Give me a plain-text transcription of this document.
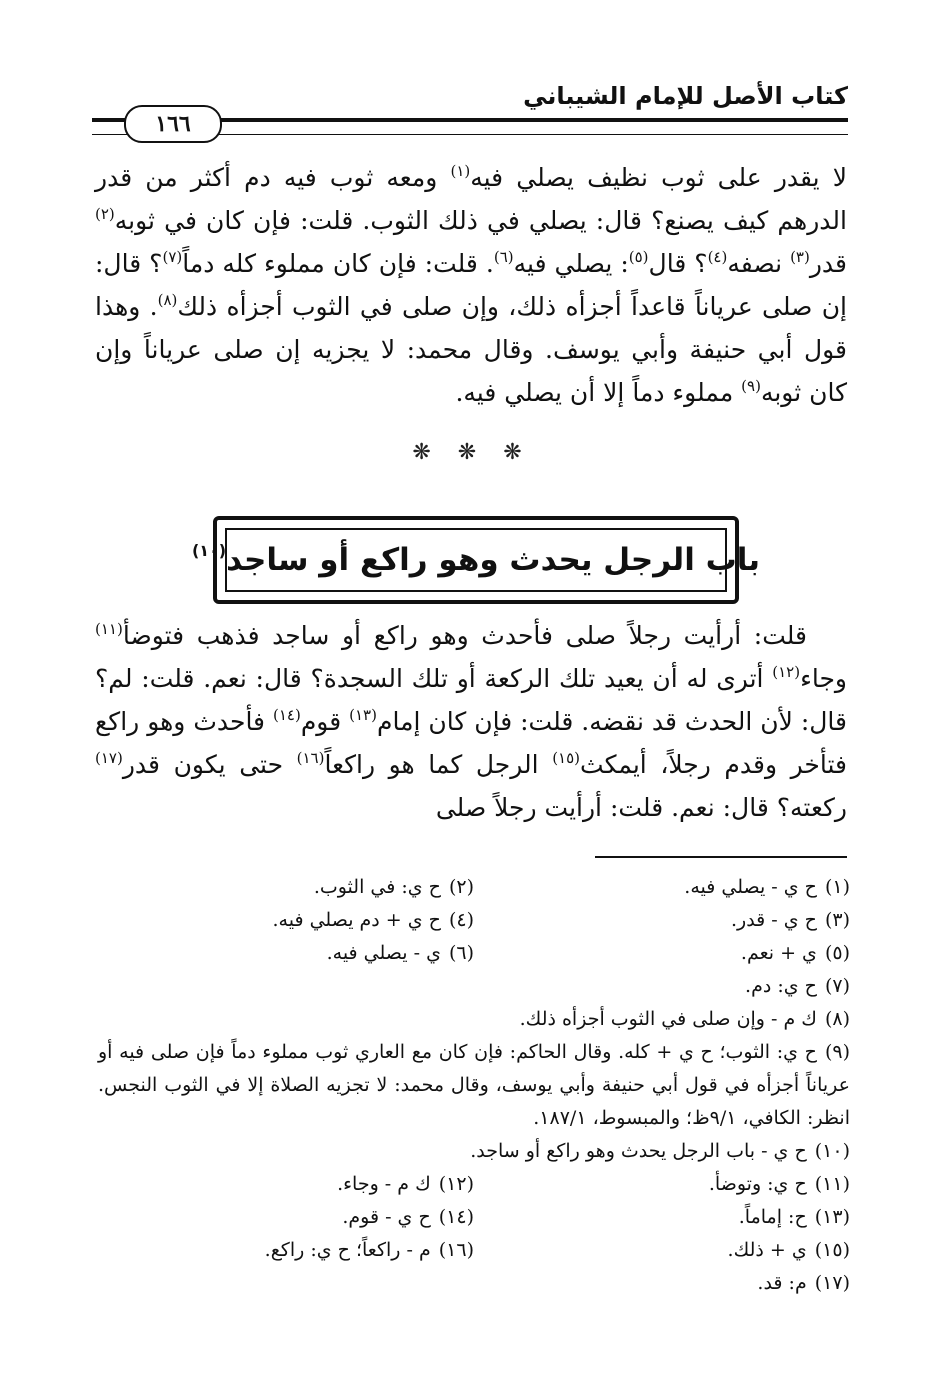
كتاب الأصل للإمام الشيباني
١٦٦
لا يقدر على ثوب نظيف يصلي فيه$^{(١)}$ ومعه ثوب فيه دم أكثر من قدر الدرهم كيف يصنع؟ قال: يصلي في ذلك الثوب. قلت: فإن كان في ثوبه$^{(٢)}$ قدر$^{(٣)}$ نصفه$^{(٤)}$؟ قال$^{(٥)}$: يصلي فيه$^{(٦)}$. قلت: فإن كان مملوء كله دماً$^{(٧)}$؟ قال: إن صلى عرياناً قاعداً أجزأه ذلك، وإن صلى في الثوب أجزأه ذلك$^{(٨)}$. وهذا قول أبي حنيفة وأبي يوسف. وقال محمد: لا يجزيه إن صلى عرياناً وإن كان ثوبه$^{(٩)}$ مملوء دماً إلا أن يصلي فيه.
❋ ❋ ❋
باب الرجل يحدث وهو راكع أو ساجد$^{(١٠)}$
قلت: أرأيت رجلاً صلى فأحدث وهو راكع أو ساجد فذهب فتوضأ$^{(١١)}$ وجاء$^{(١٢)}$ أترى له أن يعيد تلك الركعة أو تلك السجدة؟ قال: نعم. قلت: لم؟ قال: لأن الحدث قد نقضه. قلت: فإن كان إمام$^{(١٣)}$ قوم$^{(١٤)}$ فأحدث وهو راكع فتأخر وقدم رجلاً، أيمكث$^{(١٥)}$ الرجل كما هو راكعاً$^{(١٦)}$ حتى يكون قدر$^{(١٧)}$ ركعته؟ قال: نعم. قلت: أرأيت رجلاً صلى
(١)ح ي - يصلي فيه.
(٢)ح ي: في الثوب.
(٣)ح ي - قدر.
(٤)ح ي + دم يصلي فيه.
(٥)ي + نعم.
(٦)ي - يصلي فيه.
(٧)ح ي: دم.
(٨)ك م - وإن صلى في الثوب أجزأه ذلك.
(٩)ح ي: الثوب؛ ح ي + كله. وقال الحاكم: فإن كان مع العاري ثوب مملوء دماً فإن صلى فيه أو عرياناً أجزأه في قول أبي حنيفة وأبي يوسف، وقال محمد: لا تجزيه الصلاة إلا في الثوب النجس. انظر: الكافي، ٩/١ظ؛ والمبسوط، ١٨٧/١.
(١٠)ح ي - باب الرجل يحدث وهو راكع أو ساجد.
(١١)ح ي: وتوضأ.
(١٢)ك م - وجاء.
(١٣)ح: إماماً.
(١٤)ح ي - قوم.
(١٥)ي + ذلك.
(١٦)م - راكعاً؛ ح ي: راكع.
(١٧)م: قد.
